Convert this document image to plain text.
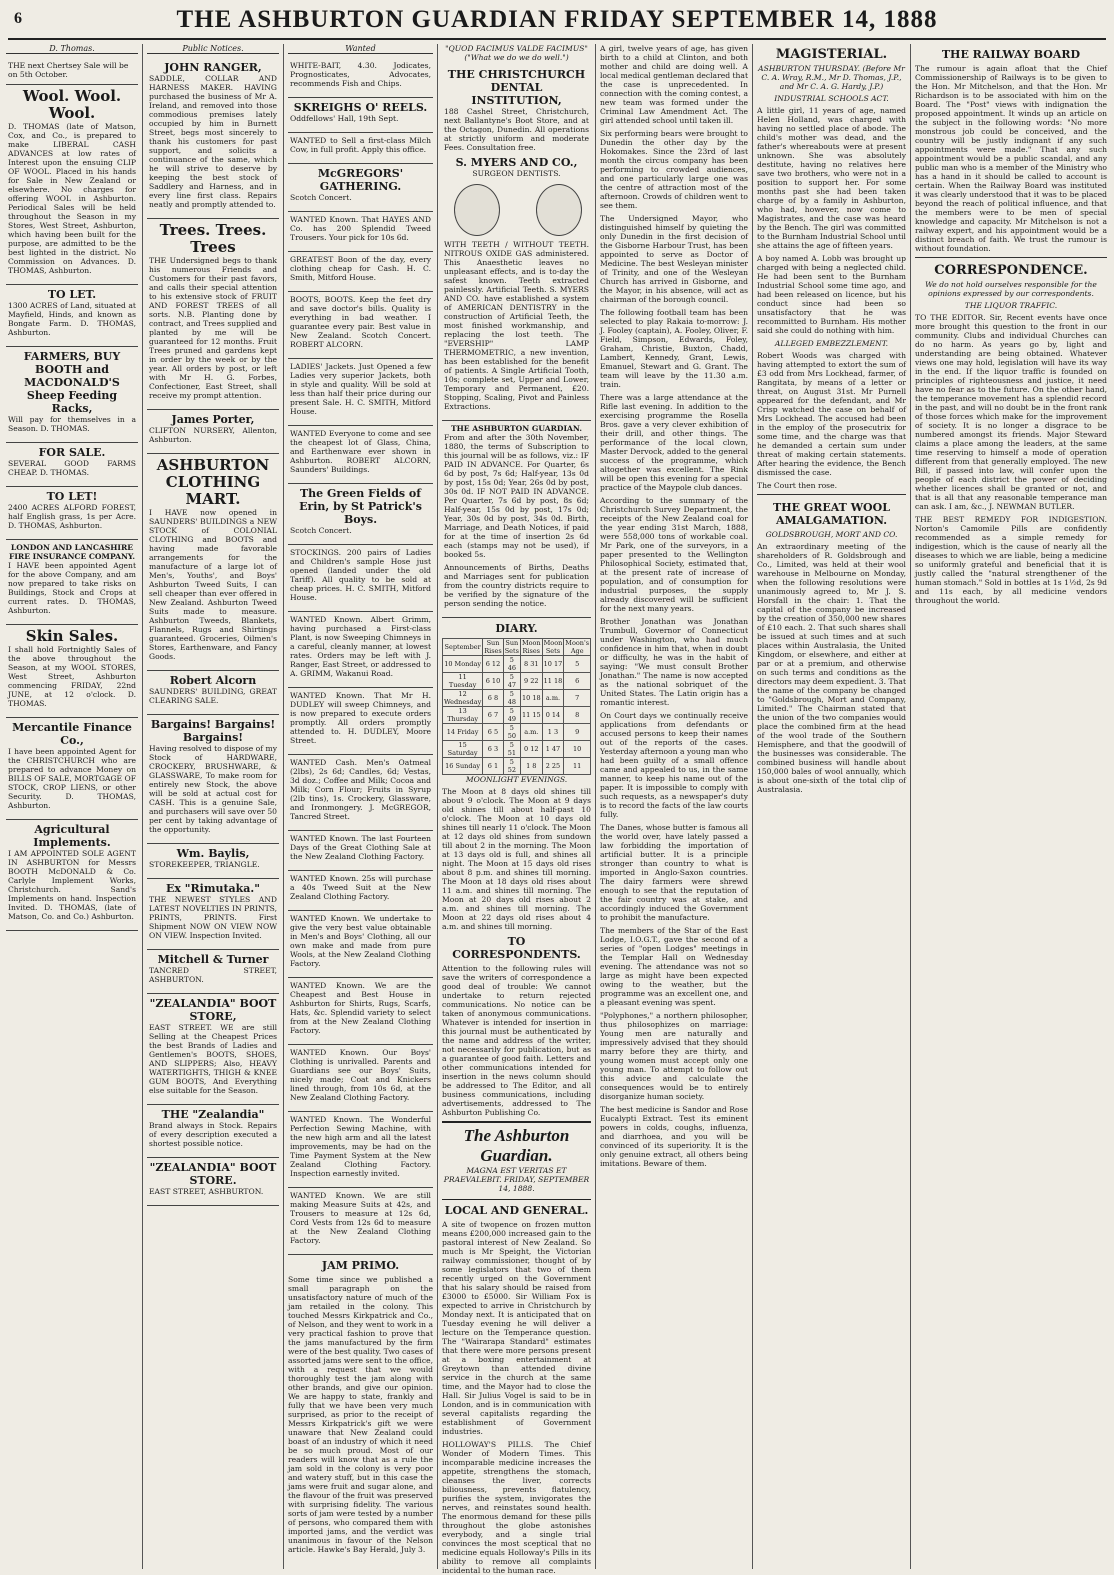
6	THE ASHBURTON GUARDIAN FRIDAY SEPTEMBER 14, 1888
D. Thomas.
THE next Chertsey Sale will be on 5th October.
Wool. Wool. Wool.

D. THOMAS (late of Matson, Cox, and Co., is prepared to make LIBERAL CASH ADVANCES at low rates of Interest upon the ensuing CLIP OF WOOL. Placed in his hands for Sale in New Zealand or elsewhere. No charges for offering WOOL in Ashburton. Periodical Sales will be held throughout the Season in my Stores, West Street, Ashburton, which having been built for the purpose, are admitted to be the best lighted in the district. No Commission on Advances. D. THOMAS, Ashburton.

TO LET.

1300 ACRES of Land, situated at Mayfield, Hinds, and known as Bongate Farm. D. THOMAS, Ashburton.

FARMERS, BUY BOOTH and MACDONALD'S Sheep Feeding Racks,

Will pay for themselves in a Season. D. THOMAS.

FOR SALE.

SEVERAL GOOD FARMS CHEAP. D. THOMAS.

TO LET!

2400 ACRES ALFORD FOREST, half English grass, 1s per Acre. D. THOMAS, Ashburton.

LONDON AND LANCASHIRE FIRE INSURANCE COMPANY.

I HAVE been appointed Agent for the above Company, and am now prepared to take risks on Buildings, Stock and Crops at current rates. D. THOMAS, Ashburton.

Skin Sales.

I shall hold Fortnightly Sales of the above throughout the Season, at my WOOL STORES, West Street, Ashburton commencing FRIDAY, 22nd JUNE, at 12 o'clock. D. THOMAS.

Mercantile Finance Co.,

I have been appointed Agent for the CHRISTCHURCH who are prepared to advance Money on BILLS OF SALE, MORTGAGE OF STOCK, CROP LIENS, or other Security. D. THOMAS, Ashburton.

Agricultural Implements.

I AM APPOINTED SOLE AGENT IN ASHBURTON for Messrs BOOTH McDONALD & Co. Carlyle Implement Works, Christchurch. Sand's Implements on hand. Inspection Invited. D. THOMAS, (late of Matson, Co. and Co.) Ashburton.

Public Notices.
JOHN RANGER,

SADDLE, COLLAR AND HARNESS MAKER. HAVING purchased the business of Mr A. Ireland, and removed into those commodious premises lately occupied by him in Burnett Street, begs most sincerely to thank his customers for past support, and solicits a continuance of the same, which he will strive to deserve by keeping the best stock of Saddlery and Harness, and in every line first class. Repairs neatly and promptly attended to.

Trees. Trees. Trees

THE Undersigned begs to thank his numerous Friends and Customers for their past favors, and calls their special attention to his extensive stock of FRUIT AND FOREST TREES of all sorts. N.B. Planting done by contract, and Trees supplied and planted by me will be guaranteed for 12 months. Fruit Trees pruned and gardens kept in order by the week or by the year. All orders by post, or left with Mr H. G. Forbes, Confectioner, East Street, shall receive my prompt attention.

James Porter,

CLIFTON NURSERY, Allenton, Ashburton.

ASHBURTON CLOTHING MART.

I HAVE now opened in SAUNDERS' BUILDINGS a NEW STOCK of COLONIAL CLOTHING and BOOTS and having made favorable arrangements for the manufacture of a large lot of Men's, Youths', and Boys' Ashburton Tweed Suits, I can sell cheaper than ever offered in New Zealand. Ashburton Tweed Suits made to measure. Ashburton Tweeds, Blankets, Flannels, Rugs and Shirtings guaranteed. Groceries, Oilmen's Stores, Earthenware, and Fancy Goods.

Robert Alcorn

SAUNDERS' BUILDING, GREAT CLEARING SALE.

Bargains! Bargains! Bargains!

Having resolved to dispose of my Stock of HARDWARE, CROCKERY, BRUSHWARE, & GLASSWARE, To make room for entirely new Stock, the above will be sold at actual cost for CASH. This is a genuine Sale, and purchasers will save over 50 per cent by taking advantage of the opportunity.

Wm. Baylis,

STOREKEEPER, TRIANGLE.

Ex "Rimutaka."

THE NEWEST STYLES AND LATEST NOVELTIES IN PRINTS, PRINTS, PRINTS. First Shipment NOW ON VIEW NOW ON VIEW. Inspection Invited.

Mitchell & Turner

TANCRED STREET, ASHBURTON.

"ZEALANDIA" BOOT STORE,

EAST STREET. WE are still Selling at the Cheapest Prices the best Brands of Ladies and Gentlemen's BOOTS, SHOES, AND SLIPPERS; Also, HEAVY WATERTIGHTS, THIGH & KNEE GUM BOOTS, And Everything else suitable for the Season.

THE "Zealandia"

Brand always in Stock. Repairs of every description executed a shortest possible notice.

"ZEALANDIA" BOOT STORE.

EAST STREET, ASHBURTON.

Wanted

WHITE-BAIT, 4.30. Jodicates, Prognosticates, Advocates, recommends Fish and Chips.

SKREIGHS O' REELS.

Oddfellows' Hall, 19th Sept.

WANTED to Sell a first-class Milch Cow, in full profit. Apply this office.

McGREGORS' GATHERING.

Scotch Concert.

WANTED Known. That HAYES AND Co. has 200 Splendid Tweed Trousers. Your pick for 10s 6d.

GREATEST Boon of the day, every clothing cheap for Cash. H. C. Smith, Mitford House.

BOOTS, BOOTS. Keep the feet dry and save doctor's bills. Quality is everything in bad weather. I guarantee every pair. Best value in New Zealand. Scotch Concert. ROBERT ALCORN.

LADIES' Jackets. Just Opened a few Ladies very superior Jackets, both in style and quality. Will be sold at less than half their price during our present Sale. H. C. SMITH, Mitford House.

WANTED Everyone to come and see the cheapest lot of Glass, China, and Earthenware ever shown in Ashburton. ROBERT ALCORN, Saunders' Buildings.

The Green Fields of Erin, by St Patrick's Boys.

Scotch Concert.

STOCKINGS. 200 pairs of Ladies and Children's sample Hose just opened (landed under the old Tariff). All quality to be sold at cheap prices. H. C. SMITH, Mitford House.

WANTED Known. Albert Grimm, having purchased a First-class Plant, is now Sweeping Chimneys in a careful, cleanly manner, at lowest rates. Orders may be left with J. Ranger, East Street, or addressed to A. GRIMM, Wakanui Road.

WANTED Known. That Mr H. DUDLEY will sweep Chimneys, and is now prepared to execute orders promptly. All orders promptly attended to. H. DUDLEY, Moore Street.

WANTED Cash. Men's Oatmeal (2lbs), 2s 6d; Candles, 6d; Vestas, 3d doz.; Coffee and Milk; Cocoa and Milk; Corn Flour; Fruits in Syrup (2lb tins), 1s. Crockery, Glassware, and Ironmongery. J. McGREGOR, Tancred Street.

WANTED Known. The last Fourteen Days of the Great Clothing Sale at the New Zealand Clothing Factory.

WANTED Known. 25s will purchase a 40s Tweed Suit at the New Zealand Clothing Factory.

WANTED Known. We undertake to give the very best value obtainable in Men's and Boys' Clothing, all our own make and made from pure Wools, at the New Zealand Clothing Factory.

WANTED Known. We are the Cheapest and Best House in Ashburton for Shirts, Rugs, Scarfs, Hats, &c. Splendid variety to select from at the New Zealand Clothing Factory.

WANTED Known. Our Boys' Clothing is unrivalled. Parents and Guardians see our Boys' Suits, nicely made; Coat and Knickers lined through, from 10s 6d, at the New Zealand Clothing Factory.

WANTED Known. The Wonderful Perfection Sewing Machine, with the new high arm and all the latest improvements, may be had on the Time Payment System at the New Zealand Clothing Factory. Inspection earnestly invited.

WANTED Known. We are still making Measure Suits at 42s, and Trousers to measure at 12s 6d, Cord Vests from 12s 6d to measure at the New Zealand Clothing Factory.

JAM PRIMO.

Some time since we published a small paragraph on the unsatisfactory nature of much of the jam retailed in the colony. This touched Messrs Kirkpatrick and Co., of Nelson, and they went to work in a very practical fashion to prove that the jams manufactured by the firm were of the best quality. Two cases of assorted jams were sent to the office, with a request that we would thoroughly test the jam along with other brands, and give our opinion. We are happy to state, frankly and fully that we have been very much surprised, as prior to the receipt of Messrs Kirkpatrick's gift we were unaware that New Zealand could boast of an industry of which it need be so much proud. Most of our readers will know that as a rule the jam sold in the colony is very poor and watery stuff, but in this case the jams were fruit and sugar alone, and the flavour of the fruit was preserved with surprising fidelity. The various sorts of jam were tested by a number of persons, who compared them with imported jams, and the verdict was unanimous in favour of the Nelson article. Hawke's Bay Herald, July 3.

"QUOD FACIMUS VALDE FACIMUS" ("What we do we do well.")
THE CHRISTCHURCH DENTAL INSTITUTION,

188 Cashel Street, Christchurch, next Ballantyne's Boot Store, and at the Octagon, Dunedin. All operations at strictly uniform and moderate Fees. Consultation free.

S. MYERS AND CO.,
SURGEON DENTISTS.

WITH TEETH / WITHOUT TEETH. NITROUS OXIDE GAS administered. This Anaesthetic leaves no unpleasant effects, and is to-day the safest known. Teeth extracted painlessly. Artificial Teeth. S. MYERS AND CO. have established a system of AMERICAN DENTISTRY in the construction of Artificial Teeth, the most finished workmanship, and replacing the lost teeth. The "EVERSHIP" LAMP THERMOMETRIC, a new invention, has been established for the benefit of patients. A Single Artificial Tooth, 10s; complete set, Upper and Lower, Temporary and Permanent, £20. Stopping, Scaling, Pivot and Painless Extractions.

THE ASHBURTON GUARDIAN.

From and after the 30th November, 1880, the terms of Subscription to this journal will be as follows, viz.: IF PAID IN ADVANCE. For Quarter, 6s 6d by post, 7s 6d; Half-year, 13s 0d by post, 15s 0d; Year, 26s 0d by post, 30s 0d. IF NOT PAID IN ADVANCE. Per Quarter, 7s 6d by post, 8s 6d; Half-year, 15s 0d by post, 17s 0d; Year, 30s 0d by post, 34s 0d. Birth, Marriage, and Death Notices, if paid for at the time of insertion 2s 6d each (stamps may not be used), if booked 5s.

Announcements of Births, Deaths and Marriages sent for publication from the country districts require to be verified by the signature of the person sending the notice.

DIARY.
September	Sun Rises	Sun Sets	Moon Rises	Moon Sets	Moon's Age
10 Monday	6 12	5 46	8 31	10 17	5
11 Tuesday	6 10	5 47	9 22	11 18	6
12 Wednesday	6 8	5 48	10 18	a.m.	7
13 Thursday	6 7	5 49	11 15	0 14	8
14 Friday	6 5	5 50	a.m.	1 3	9
15 Saturday	6 3	5 51	0 12	1 47	10
16 Sunday	6 1	5 52	1 8	2 25	11
MOONLIGHT EVENINGS.

The Moon at 8 days old shines till about 9 o'clock. The Moon at 9 days old shines till about half-past 10 o'clock. The Moon at 10 days old shines till nearly 11 o'clock. The Moon at 12 days old shines from sundown till about 2 in the morning. The Moon at 13 days old is full, and shines all night. The Moon at 15 days old rises about 8 p.m. and shines till morning. The Moon at 18 days old rises about 11 a.m. and shines till morning. The Moon at 20 days old rises about 2 a.m. and shines till morning. The Moon at 22 days old rises about 4 a.m. and shines till morning.

TO CORRESPONDENTS.

Attention to the following rules will save the writers of correspondence a good deal of trouble: We cannot undertake to return rejected communications. No notice can be taken of anonymous communications. Whatever is intended for insertion in this journal must be authenticated by the name and address of the writer, not necessarily for publication, but as a guarantee of good faith. Letters and other communications intended for insertion in the news column should be addressed to The Editor, and all business communications, including advertisements, addressed to The Ashburton Publishing Co.

The Ashburton Guardian.
MAGNA EST VERITAS ET PRAEVALEBIT. FRIDAY, SEPTEMBER 14, 1888.
LOCAL AND GENERAL.

A site of twopence on frozen mutton means £200,000 increased gain to the pastoral interest of New Zealand. So much is Mr Speight, the Victorian railway commissioner, thought of by some legislators that two of them recently urged on the Government that his salary should be raised from £3000 to £5000. Sir William Fox is expected to arrive in Christchurch by Monday next. It is anticipated that on Tuesday evening he will deliver a lecture on the Temperance question. The "Wairarapa Standard" estimates that there were more persons present at a boxing entertainment at Greytown than attended divine service in the church at the same time, and the Mayor had to close the Hall. Sir Julius Vogel is said to be in London, and is in communication with several capitalists regarding the establishment of Government industries.

HOLLOWAY'S PILLS. The Chief Wonder of Modern Times. This incomparable medicine increases the appetite, strengthens the stomach, cleanses the liver, corrects biliousness, prevents flatulency, purifies the system, invigorates the nerves, and reinstates sound health. The enormous demand for these pills throughout the globe astonishes everybody, and a single trial convinces the most sceptical that no medicine equals Holloway's Pills in its ability to remove all complaints incidental to the human race.

A girl, twelve years of age, has given birth to a child at Clinton, and both mother and child are doing well. A local medical gentleman declared that the case is unprecedented. In connection with the coming contest, a new team was formed under the Criminal Law Amendment Act. The girl attended school until taken ill.

Six performing bears were brought to Dunedin the other day by the Hokomakes. Since the 23rd of last month the circus company has been performing to crowded audiences, and one particularly large one was the centre of attraction most of the afternoon. Crowds of children went to see them.

The Undersigned Mayor, who distinguished himself by quieting the only Dunedin in the first decision of the Gisborne Harbour Trust, has been appointed to serve as Doctor of Medicine. The best Wesleyan minister of Trinity, and one of the Wesleyan Church has arrived in Gisborne, and the Mayor, in his absence, will act as chairman of the borough council.

The following football team has been selected to play Rakaia to-morrow: J. J. Fooley (captain), A. Fooley, Oliver, F. Field, Simpson, Edwards, Foley, Graham, Christie, Buxton, Chadd, Lambert, Kennedy, Grant, Lewis, Emanuel, Stewart and G. Grant. The team will leave by the 11.30 a.m. train.

There was a large attendance at the Rifle last evening. In addition to the exercising programme the Rosella Bros. gave a very clever exhibition of their drill, and other things. The performance of the local clown, Master Dervock, added to the general success of the programme, which altogether was excellent. The Rink will be open this evening for a special practice of the Maypole club dances.

According to the summary of the Christchurch Survey Department, the receipts of the New Zealand coal for the year ending 31st March, 1888, were 558,000 tons of workable coal. Mr Park, one of the surveyors, in a paper presented to the Wellington Philosophical Society, estimated that, at the present rate of increase of population, and of consumption for industrial purposes, the supply already discovered will be sufficient for the next many years.

Brother Jonathan was Jonathan Trumbull, Governor of Connecticut under Washington, who had much confidence in him that, when in doubt or difficulty, he was in the habit of saying: "We must consult Brother Jonathan." The name is now accepted as the national sobriquet of the United States. The Latin origin has a romantic interest.

On Court days we continually receive applications from defendants or accused persons to keep their names out of the reports of the cases. Yesterday afternoon a young man who had been guilty of a small offence came and appealed to us, in the same manner, to keep his name out of the paper. It is impossible to comply with such requests, as a newspaper's duty is to record the facts of the law courts fully.

The Danes, whose butter is famous all the world over, have lately passed a law forbidding the importation of artificial butter. It is a principle stronger than country to what is imported in Anglo-Saxon countries. The dairy farmers were shrewd enough to see that the reputation of the fair country was at stake, and accordingly induced the Government to prohibit the manufacture.

The members of the Star of the East Lodge, I.O.G.T., gave the second of a series of "open Lodges" meetings in the Templar Hall on Wednesday evening. The attendance was not so large as might have been expected owing to the weather, but the programme was an excellent one, and a pleasant evening was spent.

"Polyphones," a northern philosopher, thus philosophizes on marriage: Young men are naturally and impressively advised that they should marry before they are thirty, and young women must accept only one young man. To attempt to follow out this advice and calculate the consequences would be to entirely disorganize human society.

The best medicine is Sandor and Rose Eucalypti Extract. Test its eminent powers in colds, coughs, influenza, and diarrhoea, and you will be convinced of its superiority. It is the only genuine extract, all others being imitations. Beware of them.

MAGISTERIAL.
ASHBURTON THURSDAY. (Before Mr C. A. Wray, R.M., Mr D. Thomas, J.P., and Mr C. A. G. Hardy, J.P.)
INDUSTRIAL SCHOOLS ACT.

A little girl, 11 years of age, named Helen Holland, was charged with having no settled place of abode. The child's mother was dead, and the father's whereabouts were at present unknown. She was absolutely destitute, having no relatives here save two brothers, who were not in a position to support her. For some months past she had been taken charge of by a family in Ashburton, who had, however, now come to Magistrates, and the case was heard by the Bench. The girl was committed to the Burnham Industrial School until she attains the age of fifteen years.

A boy named A. Lobb was brought up charged with being a neglected child. He had been sent to the Burnham Industrial School some time ago, and had been released on licence, but his conduct since had been so unsatisfactory that he was recommitted to Burnham. His mother said she could do nothing with him.

ALLEGED EMBEZZLEMENT.

Robert Woods was charged with having attempted to extort the sum of £3 odd from Mrs Lockhead, farmer, of Rangitata, by means of a letter or threat, on August 31st. Mr Purnell appeared for the defendant, and Mr Crisp watched the case on behalf of Mrs Lockhead. The accused had been in the employ of the prosecutrix for some time, and the charge was that he demanded a certain sum under threat of making certain statements. After hearing the evidence, the Bench dismissed the case.

The Court then rose.

THE GREAT WOOL AMALGAMATION.
GOLDSBROUGH, MORT AND CO.

An extraordinary meeting of the shareholders of R. Goldsbrough and Co., Limited, was held at their wool warehouse in Melbourne on Monday, when the following resolutions were unanimously agreed to, Mr J. S. Horsfall in the chair: 1. That the capital of the company be increased by the creation of 350,000 new shares of £10 each. 2. That such shares shall be issued at such times and at such places within Australasia, the United Kingdom, or elsewhere, and either at par or at a premium, and otherwise on such terms and conditions as the directors may deem expedient. 3. That the name of the company be changed to "Goldsbrough, Mort and Company, Limited." The Chairman stated that the union of the two companies would place the combined firm at the head of the wool trade of the Southern Hemisphere, and that the goodwill of the businesses was considerable. The combined business will handle about 150,000 bales of wool annually, which is about one-sixth of the total clip of Australasia.

THE RAILWAY BOARD

The rumour is again afloat that the Chief Commissionership of Railways is to be given to the Hon. Mr Mitchelson, and that the Hon. Mr Richardson is to be associated with him on the Board. The "Post" views with indignation the proposed appointment. It winds up an article on the subject in the following words: "No more monstrous job could be conceived, and the country will be justly indignant if any such appointments were made." That any such appointment would be a public scandal, and any public man who is a member of the Ministry who has a hand in it should be called to account is certain. When the Railway Board was instituted it was clearly understood that it was to be placed beyond the reach of political influence, and that the members were to be men of special knowledge and capacity. Mr Mitchelson is not a railway expert, and his appointment would be a distinct breach of faith. We trust the rumour is without foundation.

CORRESPONDENCE.
We do not hold ourselves responsible for the opinions expressed by our correspondents.
THE LIQUOR TRAFFIC.

TO THE EDITOR. Sir, Recent events have once more brought this question to the front in our community. Clubs and individual Churches can do no harm. As years go by, light and understanding are being obtained. Whatever views one may hold, legislation will have its way in the end. If the liquor traffic is founded on principles of righteousness and justice, it need have no fear as to the future. On the other hand, the temperance movement has a splendid record in the past, and will no doubt be in the front rank of those forces which make for the improvement of society. It is no longer a disgrace to be numbered amongst its friends. Major Steward claims a place among the leaders, at the same time reserving to himself a mode of operation different from that generally employed. The new Bill, if passed into law, will confer upon the people of each district the power of deciding whether licences shall be granted or not, and that is all that any reasonable temperance man can ask. I am, &c., J. NEWMAN BUTLER.

THE BEST REMEDY FOR INDIGESTION. Norton's Camomile Pills are confidently recommended as a simple remedy for indigestion, which is the cause of nearly all the diseases to which we are liable, being a medicine so uniformly grateful and beneficial that it is justly called the "natural strengthener of the human stomach." Sold in bottles at 1s 1½d, 2s 9d and 11s each, by all medicine vendors throughout the world.
